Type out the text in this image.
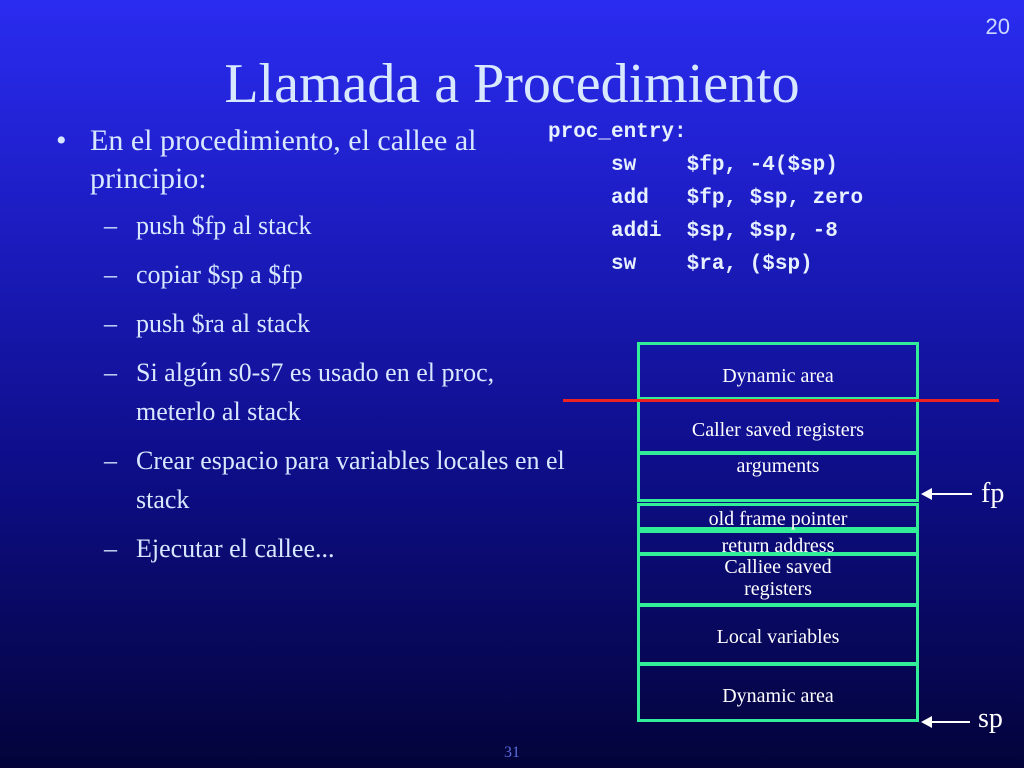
20
Llamada a Procedimiento
• En el procedimiento, el callee al principio:
– push $fp al stack
– copiar $sp a $fp
– push $ra al stack
– Si algún s0-s7 es usado en el proc, meterlo al stack
– Crear espacio para variables locales en el stack
– Ejecutar el callee...
proc_entry:
sw    $fp, -4($sp)
add   $fp, $sp, zero
addi  $sp, $sp, -8
sw    $ra, ($sp)
Dynamic area
Caller saved registers
arguments
old frame pointer
return address
Calliee saved registers
Local variables
Dynamic area
fp
sp
31
